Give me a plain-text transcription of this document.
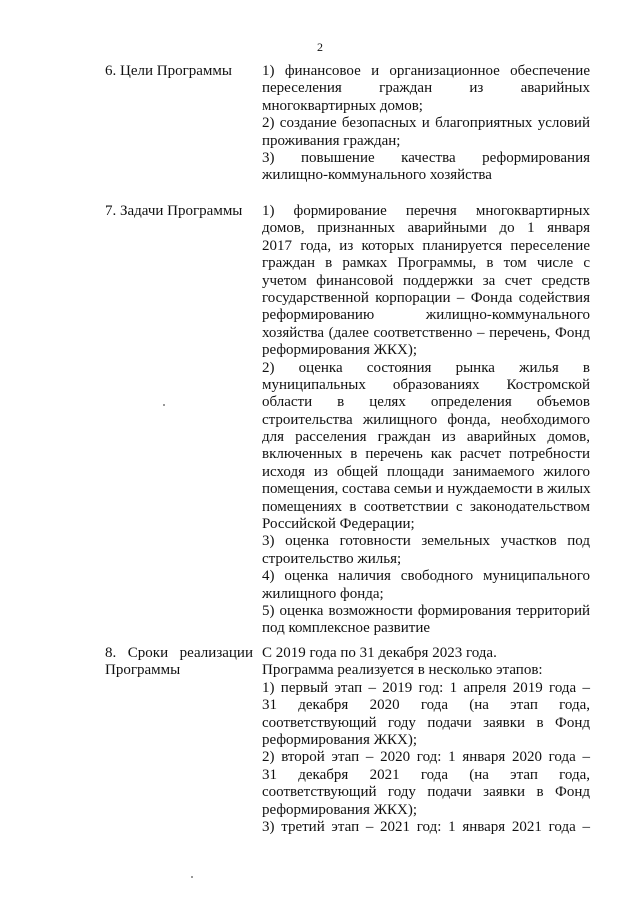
2
6. Цели Программы	1) финансовое и организационное обеспечение
переселения граждан из аварийных
многоквартирных домов;
2) создание безопасных и благоприятных условий
проживания граждан;
3) повышение качества реформирования
жилищно-коммунального хозяйства
7. Задачи Программы	1) формирование перечня многоквартирных
домов, признанных аварийными до 1 января
2017 года, из которых планируется переселение
граждан в рамках Программы, в том числе с
учетом финансовой поддержки за счет средств
государственной корпорации – Фонда содействия
реформированию жилищно-коммунального
хозяйства (далее соответственно – перечень, Фонд
реформирования ЖКХ);
2) оценка состояния рынка жилья в
муниципальных образованиях Костромской
области в целях определения объемов
строительства жилищного фонда, необходимого
для расселения граждан из аварийных домов,
включенных в перечень как расчет потребности
исходя из общей площади занимаемого жилого
помещения, состава семьи и нуждаемости в жилых
помещениях в соответствии с законодательством
Российской Федерации;
3) оценка готовности земельных участков под
строительство жилья;
4) оценка наличия свободного муниципального
жилищного фонда;
5) оценка возможности формирования территорий
под комплексное развитие
8. Сроки реализации
Программы
С 2019 года по 31 декабря 2023 года.
Программа реализуется в несколько этапов:
1) первый этап – 2019 год: 1 апреля 2019 года –
31 декабря 2020 года (на этап года,
соответствующий году подачи заявки в Фонд
реформирования ЖКХ);
2) второй этап – 2020 год: 1 января 2020 года –
31 декабря 2021 года (на этап года,
соответствующий году подачи заявки в Фонд
реформирования ЖКХ);
3) третий этап – 2021 год: 1 января 2021 года –
